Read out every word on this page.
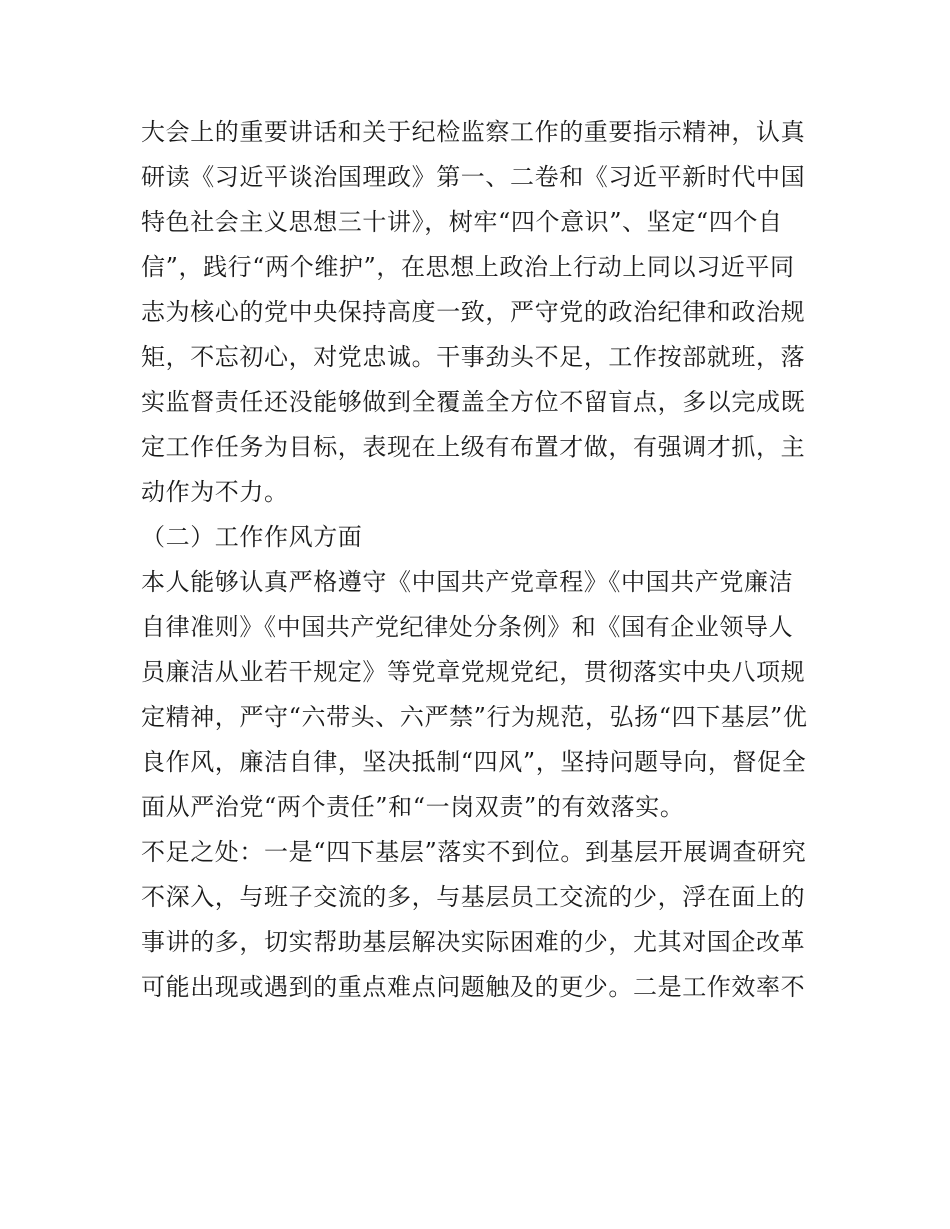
大会上的重要讲话和关于纪检监察工作的重要指示精神，认真
研读《习近平谈治国理政》第一、二卷和《习近平新时代中国
特色社会主义思想三十讲》，树牢“四个意识”、坚定“四个自
信”，践行“两个维护”，在思想上政治上行动上同以习近平同
志为核心的党中央保持高度一致，严守党的政治纪律和政治规
矩，不忘初心，对党忠诚。干事劲头不足，工作按部就班，落
实监督责任还没能够做到全覆盖全方位不留盲点，多以完成既
定工作任务为目标，表现在上级有布置才做，有强调才抓，主
动作为不力。
（二）工作作风方面
本人能够认真严格遵守《中国共产党章程》《中国共产党廉洁
自律准则》《中国共产党纪律处分条例》和《国有企业领导人
员廉洁从业若干规定》等党章党规党纪，贯彻落实中央八项规
定精神，严守“六带头、六严禁”行为规范，弘扬“四下基层”优
良作风，廉洁自律，坚决抵制“四风”，坚持问题导向，督促全
面从严治党“两个责任”和“一岗双责”的有效落实。
不足之处：一是“四下基层”落实不到位。到基层开展调查研究
不深入，与班子交流的多，与基层员工交流的少，浮在面上的
事讲的多，切实帮助基层解决实际困难的少，尤其对国企改革
可能出现或遇到的重点难点问题触及的更少。二是工作效率不
